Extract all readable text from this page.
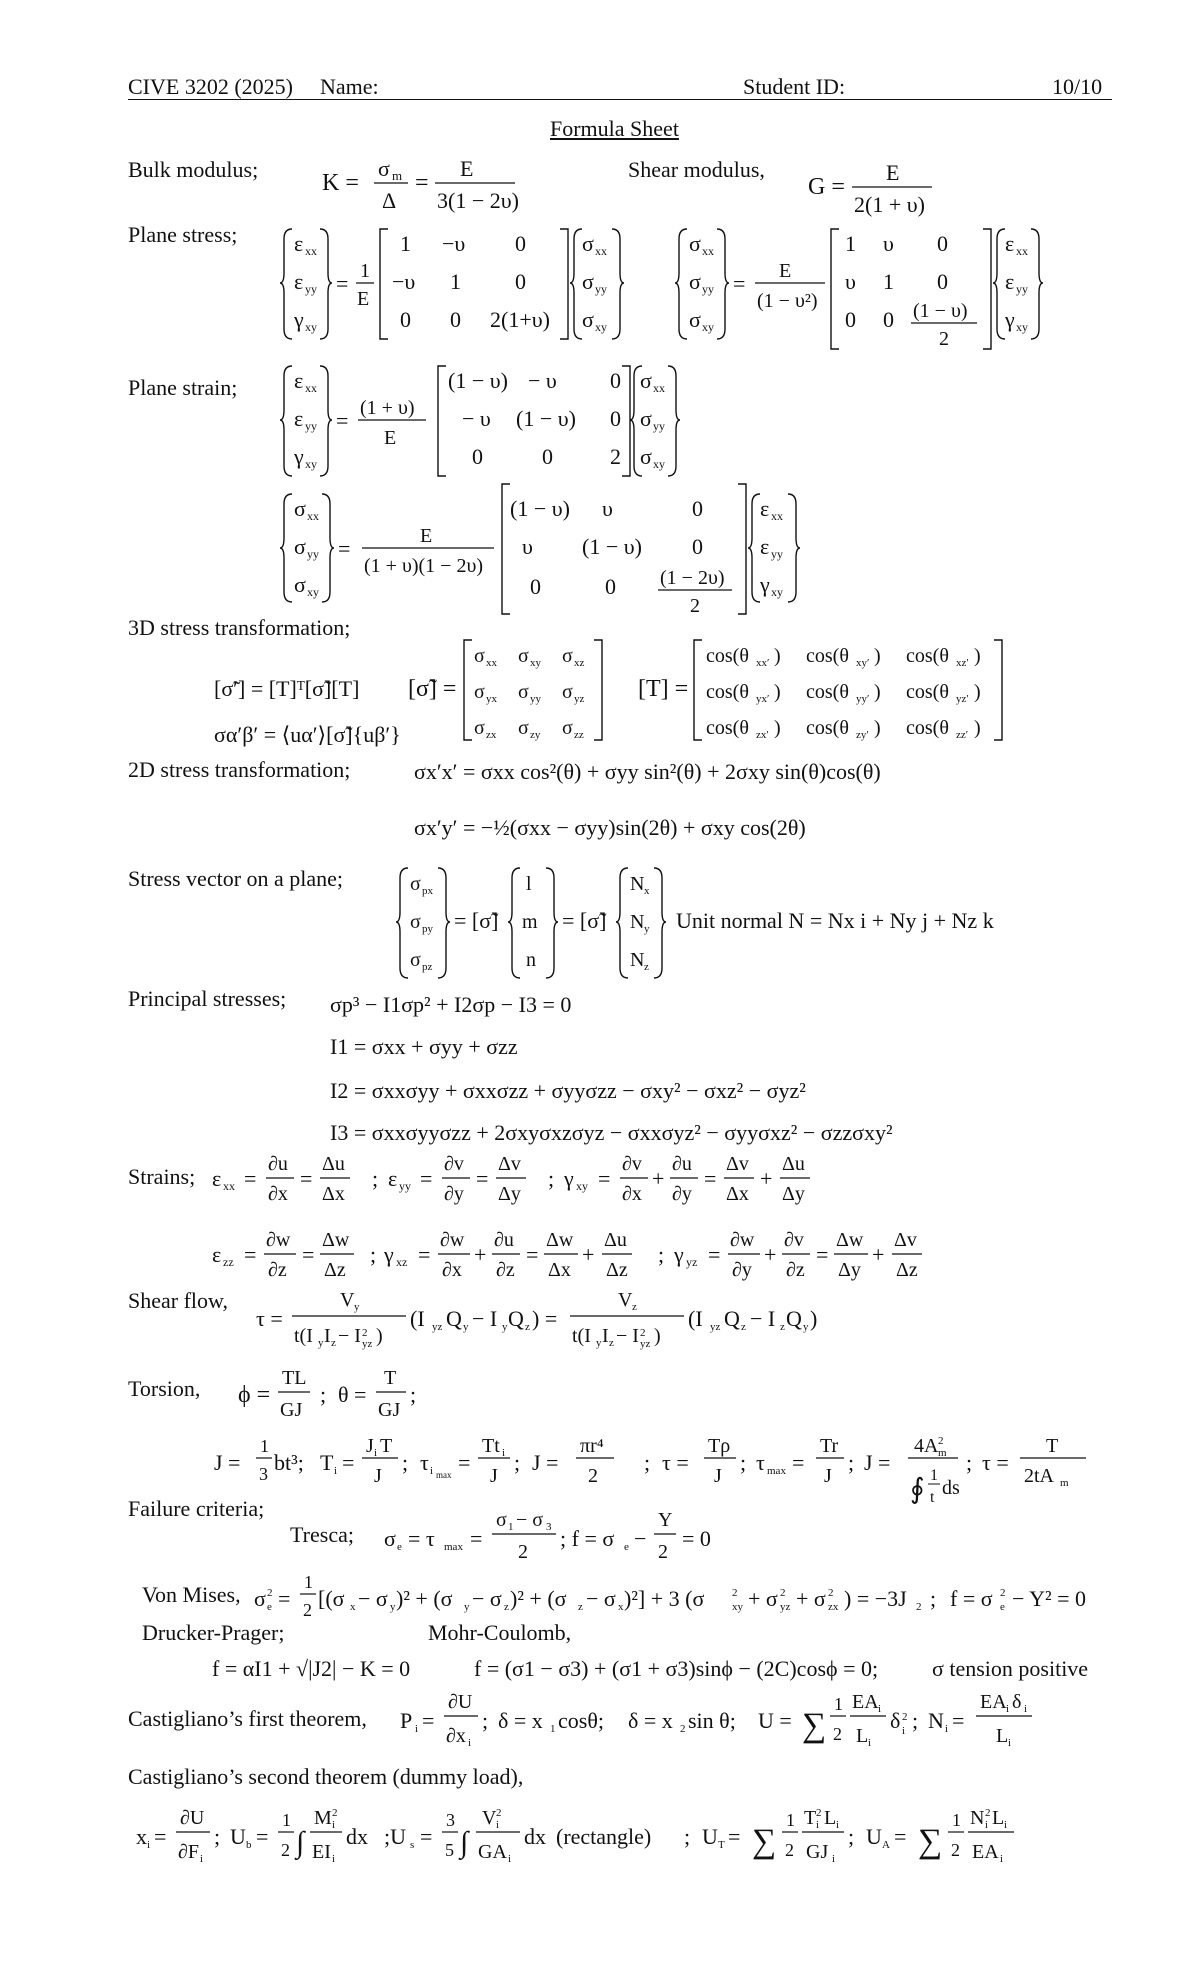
CIVE 3202 (2025) Name:	Student ID:	10/10
Formula Sheet
Bulk modulus;
K =
σ m
Δ
=
E
3(1 − 2υ)
Shear modulus,
G =
E
2(1 + υ)
Plane stress;	ε xx
ε yy
γ xy
= 1
E
1 −υ 0
−υ 1 0
0 0 2(1+υ)
σ xx
σ yy
σ xy
σ xx
σ yy
σ xy
= E
(1 − υ²)
1 υ 0
υ 1 0
0 0 (1 − υ)
2
ε xx
ε yy
γ xy
Plane strain;	ε xx
ε yy
γ xy
= (1 + υ)
E
(1 − υ) − υ 0
− υ (1 − υ) 0
0	0	2
σ xx
σ yy
σ xy
σ xx
σ yy
σ xy
=	E
(1 + υ)(1 − 2υ)
(1 − υ) υ	0
υ (1 − υ) 0
0	0 (1 − 2υ)
2
ε xx
ε yy
γ xy
3D stress transformation;
[σ̃′] = [T]ᵀ[σ̃][T]
σα′β′ = ⟨uα′⟩[σ̃]{uβ′}
[σ̃] =
σ xx σ xy σ xz
σ yx σ yy σ yz
σ zx σ zy σ zz
[T] =
cos(θ xx′ ) cos(θ xy′ ) cos(θ xz′ )
cos(θ yx′ ) cos(θ yy′ ) cos(θ yz′ )
cos(θ zx′ ) cos(θ zy′ ) cos(θ zz′ )
2D stress transformation;	σx′x′ = σxx cos²(θ) + σyy sin²(θ) + 2σxy sin(θ)cos(θ)
σx′y′ = −½(σxx − σyy)sin(2θ) + σxy cos(2θ)
Stress vector on a plane;	σ px
σ py
σ pz
= [σ̃]
l
m
n
= [σ̃]
N x
N y
N z
Unit normal N = Nx i + Ny j + Nz k
Principal stresses; σp³ − I1σp² + I2σp − I3 = 0
I1 = σxx + σyy + σzz
I2 = σxxσyy + σxxσzz + σyyσzz − σxy² − σxz² − σyz²
I3 = σxxσyyσzz + 2σxyσxzσyz − σxxσyz² − σyyσxz² − σzzσxy²
Strains; ε xx =
∂u
∂x
=
Δu
Δx
; ε yy =
∂v
∂y
=
Δv
Δy
; γ xy =
∂v
∂x
+
∂u
∂y
=
Δv
Δx
+
Δu
Δy
ε zz =
∂w
∂z
=
Δw
Δz
; γ xz =
∂w
∂x
+
∂u
∂z
=
Δw
Δx
+
Δu
Δz
; γ yz =
∂w
∂y
+
∂v
∂z
=
Δw
Δy
+
Δv
Δz
Shear flow,
τ =
V y
t(I y I z − I 2
yz )
(I yz Q y − I y Q z ) =
V z
t(I y I z − I 2
yz )
(I yz Q z − I z Q y )
Torsion, ϕ =
TL
GJ
; θ =
T
GJ
;
J =
1
3 bt³; T i =
J i T
J
; τ i max =
Tt i
J
; J =
πr⁴
2
; τ =
Tρ
J
; τ max =
Tr
J
; J =
4A 2
m
∮ 1
t ds
; τ =
T
2tA m
Failure criteria;
Tresca; σ e = τ max =
σ 1 − σ 3
2
; f = σ e −
Y
2
= 0
Von Mises, σ 2
e =
1
2 [(σ x − σ y )² + (σ y − σ z )² + (σ z − σ x )²] + 3 (σ	2
xy + σ 2
yz + σ 2
zx ) = −3J 2 ; f = σ 2
e − Y² = 0
Drucker-Prager;	Mohr-Coulomb,
f = αI1 + √|J2| − K = 0	f = (σ1 − σ3) + (σ1 + σ3)sinϕ − (2C)cosϕ = 0; σ tension positive
Castigliano’s first theorem, P i =
∂U
∂x i
; δ = x 1 cosθ; δ = x 2 sin θ; U = ∑
1
2
EA i
L i
δ 2
i ; N i =
EA i δ i
L i
Castigliano’s second theorem (dummy load),
x i =
∂U
∂F i
; U b =
1
2 ∫
M 2
i
EI i
dx ;U s =
3
5 ∫
V 2
i
GA i
dx (rectangle) ; U T = ∑
1
2
T 2
i L i
GJ i
; U A = ∑
1
2
N 2
i L i
EA i
